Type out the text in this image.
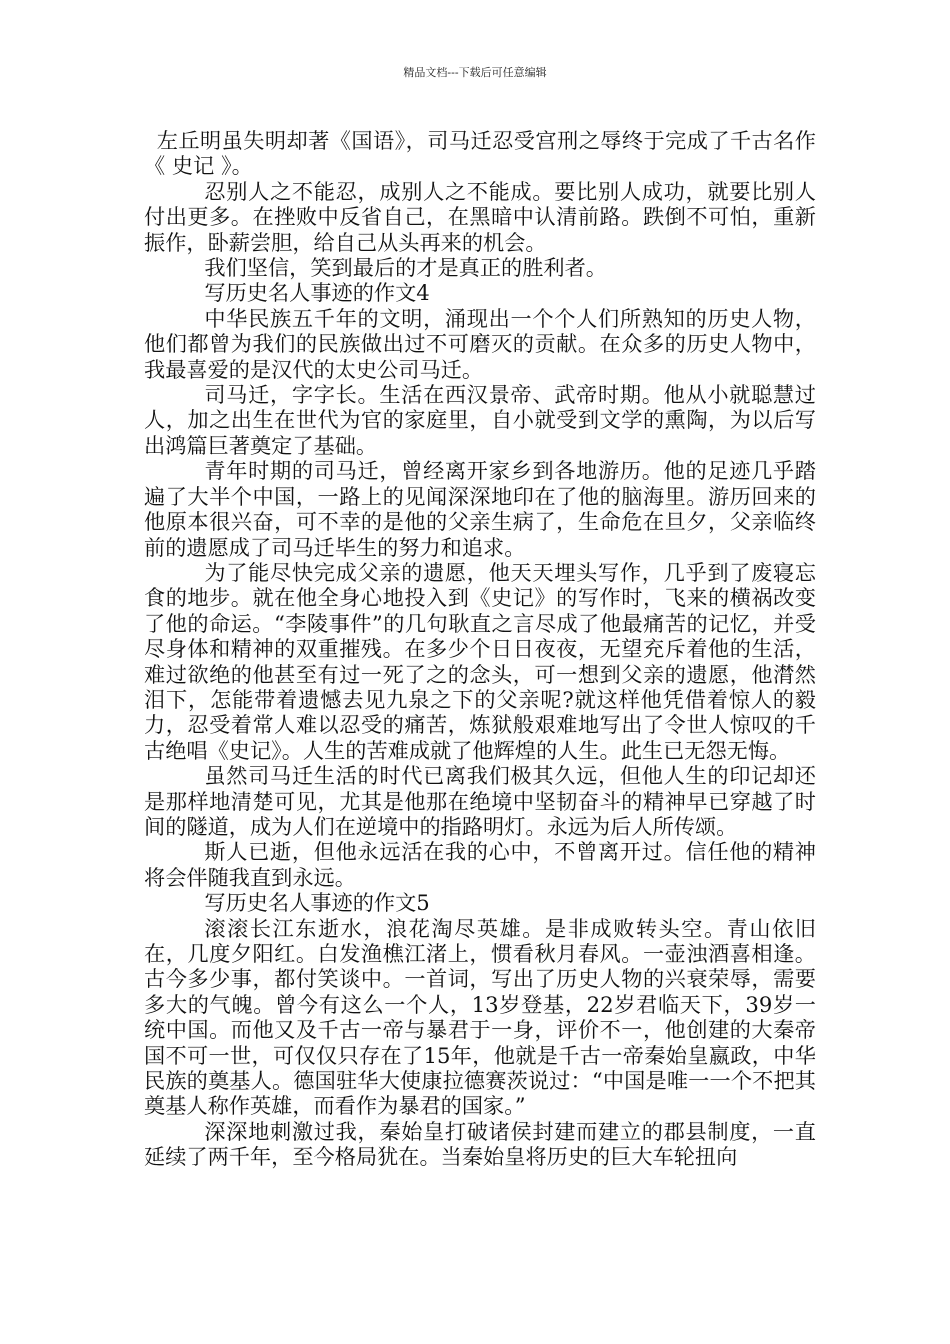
精品文档---下载后可任意编辑

左丘明虽失明却著《国语》，司马迁忍受宫刑之辱终于完成了千古名作《 史记 》。

忍别人之不能忍，成别人之不能成。要比别人成功，就要比别人付出更多。在挫败中反省自己，在黑暗中认清前路。跌倒不可怕，重新振作，卧薪尝胆，给自己从头再来的机会。

我们坚信，笑到最后的才是真正的胜利者。

写历史名人事迹的作文4

中华民族五千年的文明，涌现出一个个人们所熟知的历史人物，他们都曾为我们的民族做出过不可磨灭的贡献。在众多的历史人物中，我最喜爱的是汉代的太史公司马迁。

司马迁，字字长。生活在西汉景帝、武帝时期。他从小就聪慧过人，加之出生在世代为官的家庭里，自小就受到文学的熏陶，为以后写出鸿篇巨著奠定了基础。

青年时期的司马迁，曾经离开家乡到各地游历。他的足迹几乎踏遍了大半个中国，一路上的见闻深深地印在了他的脑海里。游历回来的他原本很兴奋，可不幸的是他的父亲生病了，生命危在旦夕，父亲临终前的遗愿成了司马迁毕生的努力和追求。

为了能尽快完成父亲的遗愿，他天天埋头写作，几乎到了废寝忘食的地步。就在他全身心地投入到《史记》的写作时，飞来的横祸改变了他的命运。“李陵事件”的几句耿直之言尽成了他最痛苦的记忆，并受尽身体和精神的双重摧残。在多少个日日夜夜，无望充斥着他的生活，难过欲绝的他甚至有过一死了之的念头，可一想到父亲的遗愿，他潸然泪下，怎能带着遗憾去见九泉之下的父亲呢?就这样他凭借着惊人的毅力，忍受着常人难以忍受的痛苦，炼狱般艰难地写出了令世人惊叹的千古绝唱《史记》。人生的苦难成就了他辉煌的人生。此生已无怨无悔。

虽然司马迁生活的时代已离我们极其久远，但他人生的印记却还是那样地清楚可见，尤其是他那在绝境中坚韧奋斗的精神早已穿越了时间的隧道，成为人们在逆境中的指路明灯。永远为后人所传颂。

斯人已逝，但他永远活在我的心中，不曾离开过。信任他的精神将会伴随我直到永远。

写历史名人事迹的作文5

滚滚长江东逝水，浪花淘尽英雄。是非成败转头空。青山依旧在，几度夕阳红。白发渔樵江渚上，惯看秋月春风。一壶浊酒喜相逢。古今多少事，都付笑谈中。一首词，写出了历史人物的兴衰荣辱，需要多大的气魄。曾今有这么一个人，13岁登基，22岁君临天下，39岁一统中国。而他又及千古一帝与暴君于一身，评价不一，他创建的大秦帝国不可一世，可仅仅只存在了15年，他就是千古一帝秦始皇嬴政，中华民族的奠基人。德国驻华大使康拉德赛茨说过：“中国是唯一一个不把其奠基人称作英雄，而看作为暴君的国家。”

深深地刺激过我，秦始皇打破诸侯封建而建立的郡县制度，一直延续了两千年，至今格局犹在。当秦始皇将历史的巨大车轮扭向
